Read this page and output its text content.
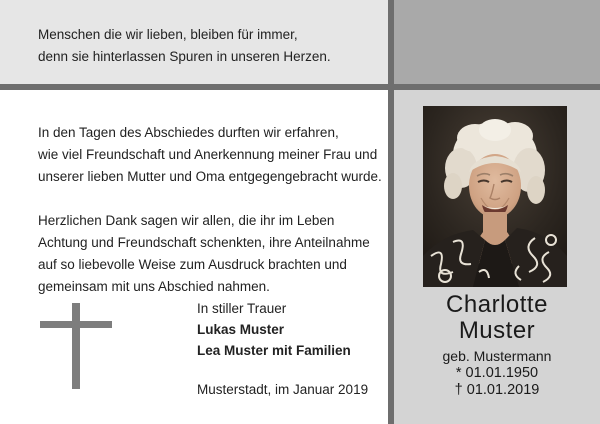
Menschen die wir lieben, bleiben für immer,
denn sie hinterlassen Spuren in unseren Herzen.
In den Tagen des Abschiedes durften wir erfahren,
wie viel Freundschaft und Anerkennung meiner Frau und
unserer lieben Mutter und Oma entgegengebracht wurde.
Herzlichen Dank sagen wir allen, die ihr im Leben
Achtung und Freundschaft schenkten, ihre Anteilnahme
auf so liebevolle Weise zum Ausdruck brachten und
gemeinsam mit uns Abschied nahmen.
In stiller Trauer
Lukas Muster
Lea Muster mit Familien
Musterstadt, im Januar 2019
Charlotte
Muster
geb. Mustermann
* 01.01.1950
† 01.01.2019
